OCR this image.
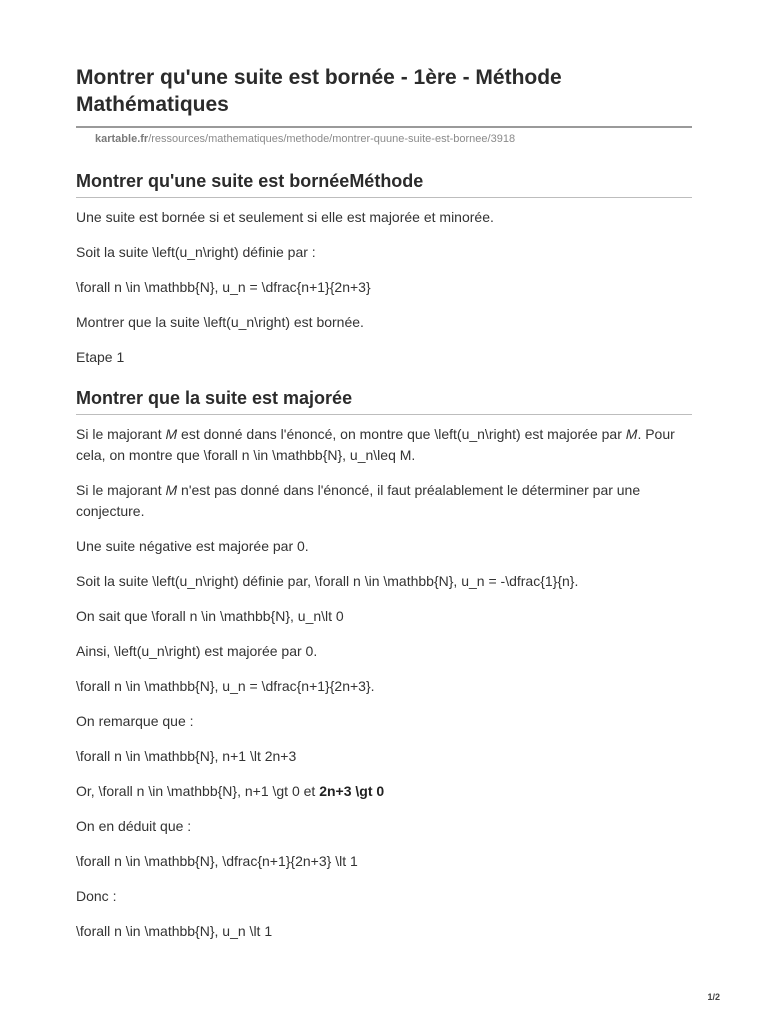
Montrer qu'une suite est bornée - 1ère - Méthode Mathématiques
kartable.fr/ressources/mathematiques/methode/montrer-quune-suite-est-bornee/3918
Montrer qu'une suite est bornéeMéthode

Une suite est bornée si et seulement si elle est majorée et minorée.

Soit la suite \left(u_n\right) définie par :

\forall n \in \mathbb{N}, u_n = \dfrac{n+1}{2n+3}

Montrer que la suite \left(u_n\right) est bornée.

Etape 1

Montrer que la suite est majorée

Si le majorant M est donné dans l'énoncé, on montre que \left(u_n\right) est majorée par M. Pour cela, on montre que \forall n \in \mathbb{N}, u_n\leq M.

Si le majorant M n'est pas donné dans l'énoncé, il faut préalablement le déterminer par une conjecture.

Une suite négative est majorée par 0.

Soit la suite \left(u_n\right) définie par, \forall n \in \mathbb{N}, u_n = -\dfrac{1}{n}.

On sait que \forall n \in \mathbb{N}, u_n\lt 0

Ainsi, \left(u_n\right) est majorée par 0.

\forall n \in \mathbb{N}, u_n = \dfrac{n+1}{2n+3}.

On remarque que :

\forall n \in \mathbb{N}, n+1 \lt 2n+3

Or, \forall n \in \mathbb{N}, n+1 \gt 0 et 2n+3 \gt 0

On en déduit que :

\forall n \in \mathbb{N}, \dfrac{n+1}{2n+3} \lt 1

Donc :

\forall n \in \mathbb{N}, u_n \lt 1

1/2
